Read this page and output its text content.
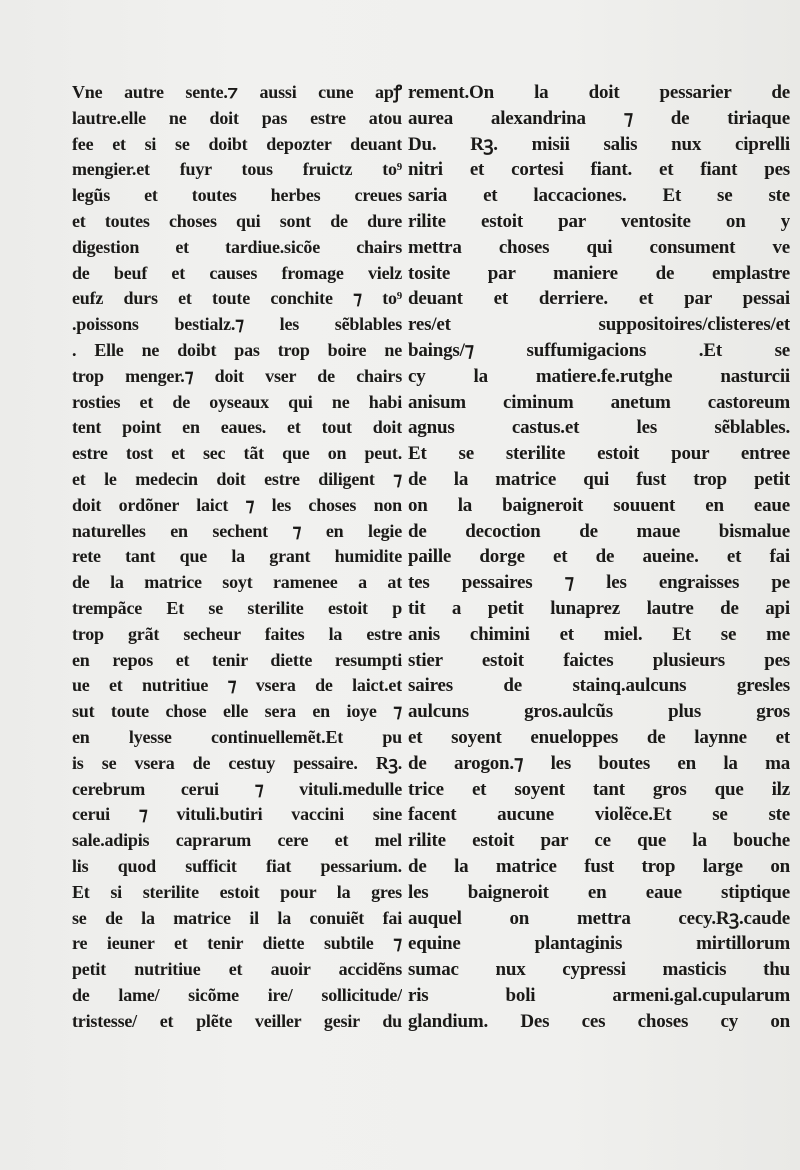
Vne autre sente.⁊ aussi cune apꝭ
lautre.elle ne doit pas estre atou
fee et si se doibt depozter deuant
mengier.et fuyr tous fruictz to⁹
legũs et toutes herbes creues
et toutes choses qui sont de dure
digestion et tardiue.sicõe chairs
de beuf et causes fromage vielz
eufz durs et toute conchite ⁊ to⁹
.poissons bestialz.⁊ les sẽblables
. Elle ne doibt pas trop boire ne
trop menger.⁊ doit vser de chairs
rosties et de oyseaux qui ne habi
tent point en eaues. et tout doit
estre tost et sec tãt que on peut.
et le medecin doit estre diligent ⁊
doit ordõner laict ⁊ les choses non
naturelles en sechent ⁊ en legie
rete tant que la grant humidite
de la matrice soyt ramenee a at
trempãce Et se sterilite estoit p
trop grãt secheur faites la estre
en repos et tenir diette resumpti
ue et nutritiue ⁊ vsera de laict.et
sut toute chose elle sera en ioye ⁊
en lyesse continuellemẽt.Et pu
is se vsera de cestuy pessaire. Rꝫ.
cerebrum cerui ⁊ vituli.medulle
cerui ⁊ vituli.butiri vaccini sine
sale.adipis caprarum cere et mel
lis quod sufficit fiat pessarium.
Et si sterilite estoit pour la gres
se de la matrice il la conuiẽt fai
re ieuner et tenir diette subtile ⁊
petit nutritiue et auoir accidẽns
de lame/ sicõme ire/ sollicitude/
tristesse/ et plẽte veiller gesir du
rement.On la doit pessarier de
aurea alexandrina ⁊ de tiriaque
Du. Rꝫ. misii salis nux ciprelli
nitri et cortesi fiant. et fiant pes
saria et laccaciones. Et se ste
rilite estoit par ventosite on y
mettra choses qui consument ve
tosite par maniere de emplastre
deuant et derriere. et par pessai
res/et suppositoires/clisteres/et
baings/⁊ suffumigacions .Et se
cy la matiere.fe.rutghe nasturcii
anisum ciminum anetum castoreum
agnus castus.et les sẽblables.
Et se sterilite estoit pour entree
de la matrice qui fust trop petit
on la baigneroit souuent en eaue
de decoction de maue bismalue
paille dorge et de aueine. et fai
tes pessaires ⁊ les engraisses pe
tit a petit lunaprez lautre de api
anis chimini et miel. Et se me
stier estoit faictes plusieurs pes
saires de stainq.aulcuns gresles
aulcuns gros.aulcũs plus gros
et soyent enueloppes de laynne et
de arogon.⁊ les boutes en la ma
trice et soyent tant gros que ilz
facent aucune violẽce.Et se ste
rilite estoit par ce que la bouche
de la matrice fust trop large on
les baigneroit en eaue stiptique
auquel on mettra cecy.Rꝫ.caude
equine plantaginis mirtillorum
sumac nux cypressi masticis thu
ris boli armeni.gal.cupularum
glandium. Des ces choses cy on
